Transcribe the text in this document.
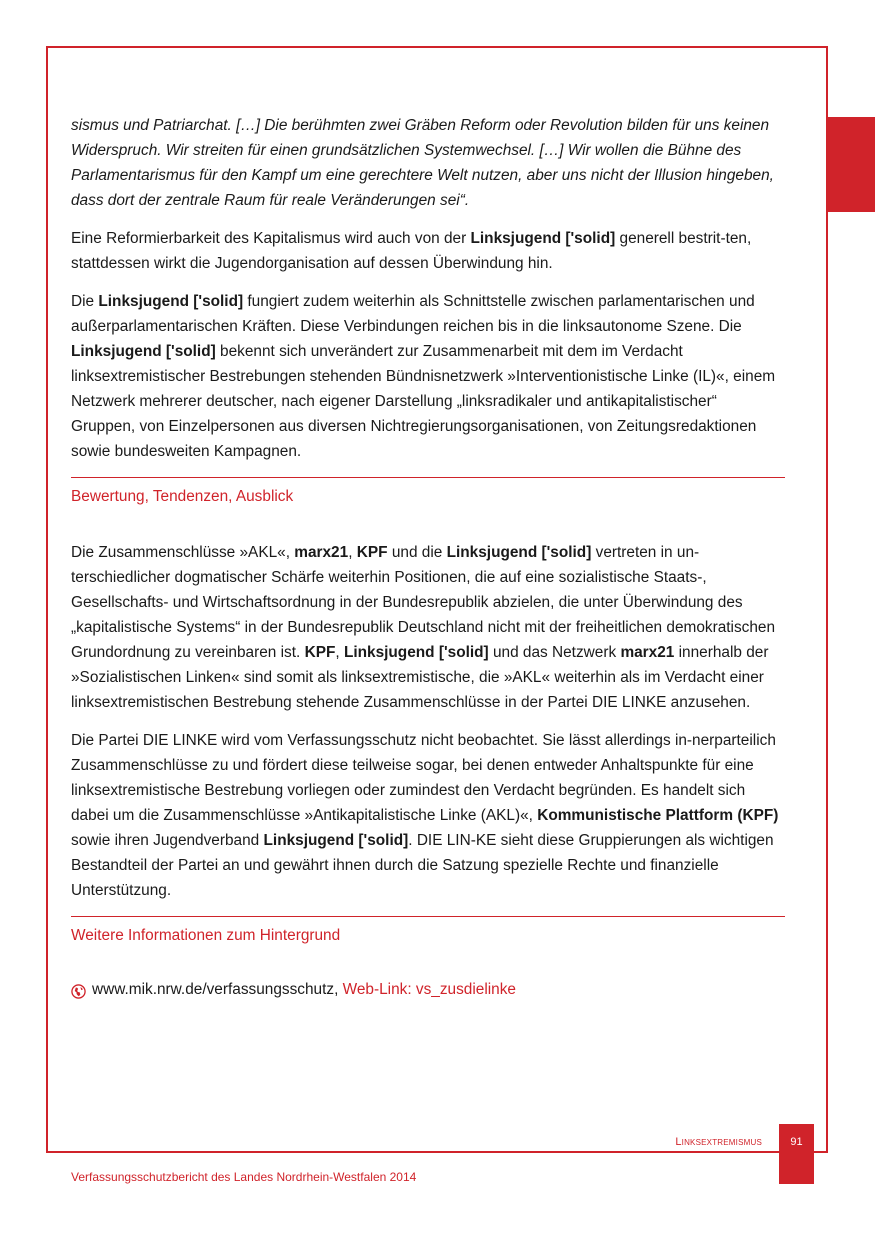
sismus und Patriarchat. […] Die berühmten zwei Gräben Reform oder Revolution bilden für uns keinen Widerspruch. Wir streiten für einen grundsätzlichen Systemwechsel. […] Wir wollen die Bühne des Parlamentarismus für den Kampf um eine gerechtere Welt nutzen, aber uns nicht der Illusion hingeben, dass dort der zentrale Raum für reale Veränderungen sei“.

Eine Reformierbarkeit des Kapitalismus wird auch von der Linksjugend ['solid] generell bestrit-ten, stattdessen wirkt die Jugendorganisation auf dessen Überwindung hin.

Die Linksjugend ['solid] fungiert zudem weiterhin als Schnittstelle zwischen parlamentarischen und außerparlamentarischen Kräften. Diese Verbindungen reichen bis in die linksautonome Szene. Die Linksjugend ['solid] bekennt sich unverändert zur Zusammenarbeit mit dem im Verdacht linksextremistischer Bestrebungen stehenden Bündnisnetzwerk »Interventionistische Linke (IL)«, einem Netzwerk mehrerer deutscher, nach eigener Darstellung „linksradikaler und antikapitalistischer“ Gruppen, von Einzelpersonen aus diversen Nichtregierungsorganisationen, von Zeitungsredaktionen sowie bundesweiten Kampagnen.

Bewertung, Tendenzen, Ausblick

Die Zusammenschlüsse »AKL«, marx21, KPF und die Linksjugend ['solid] vertreten in un-terschiedlicher dogmatischer Schärfe weiterhin Positionen, die auf eine sozialistische Staats-, Gesellschafts- und Wirtschaftsordnung in der Bundesrepublik abzielen, die unter Überwindung des „kapitalistische Systems“ in der Bundesrepublik Deutschland nicht mit der freiheitlichen demokratischen Grundordnung zu vereinbaren ist. KPF, Linksjugend ['solid] und das Netzwerk marx21 innerhalb der »Sozialistischen Linken« sind somit als linksextremistische, die »AKL« weiterhin als im Verdacht einer linksextremistischen Bestrebung stehende Zusammenschlüsse in der Partei DIE LINKE anzusehen.

Die Partei DIE LINKE wird vom Verfassungsschutz nicht beobachtet. Sie lässt allerdings in-nerparteilich Zusammenschlüsse zu und fördert diese teilweise sogar, bei denen entweder Anhaltspunkte für eine linksextremistische Bestrebung vorliegen oder zumindest den Verdacht begründen. Es handelt sich dabei um die Zusammenschlüsse »Antikapitalistische Linke (AKL)«, Kommunistische Plattform (KPF) sowie ihren Jugendverband Linksjugend ['solid]. DIE LIN-KE sieht diese Gruppierungen als wichtigen Bestandteil der Partei an und gewährt ihnen durch die Satzung spezielle Rechte und finanzielle Unterstützung.

Weitere Informationen zum Hintergrund
www.mik.nrw.de/verfassungsschutz,
Web-Link: vs_zusdielinke
Linksextremismus	91
Verfassungsschutzbericht des Landes Nordrhein-Westfalen 2014
